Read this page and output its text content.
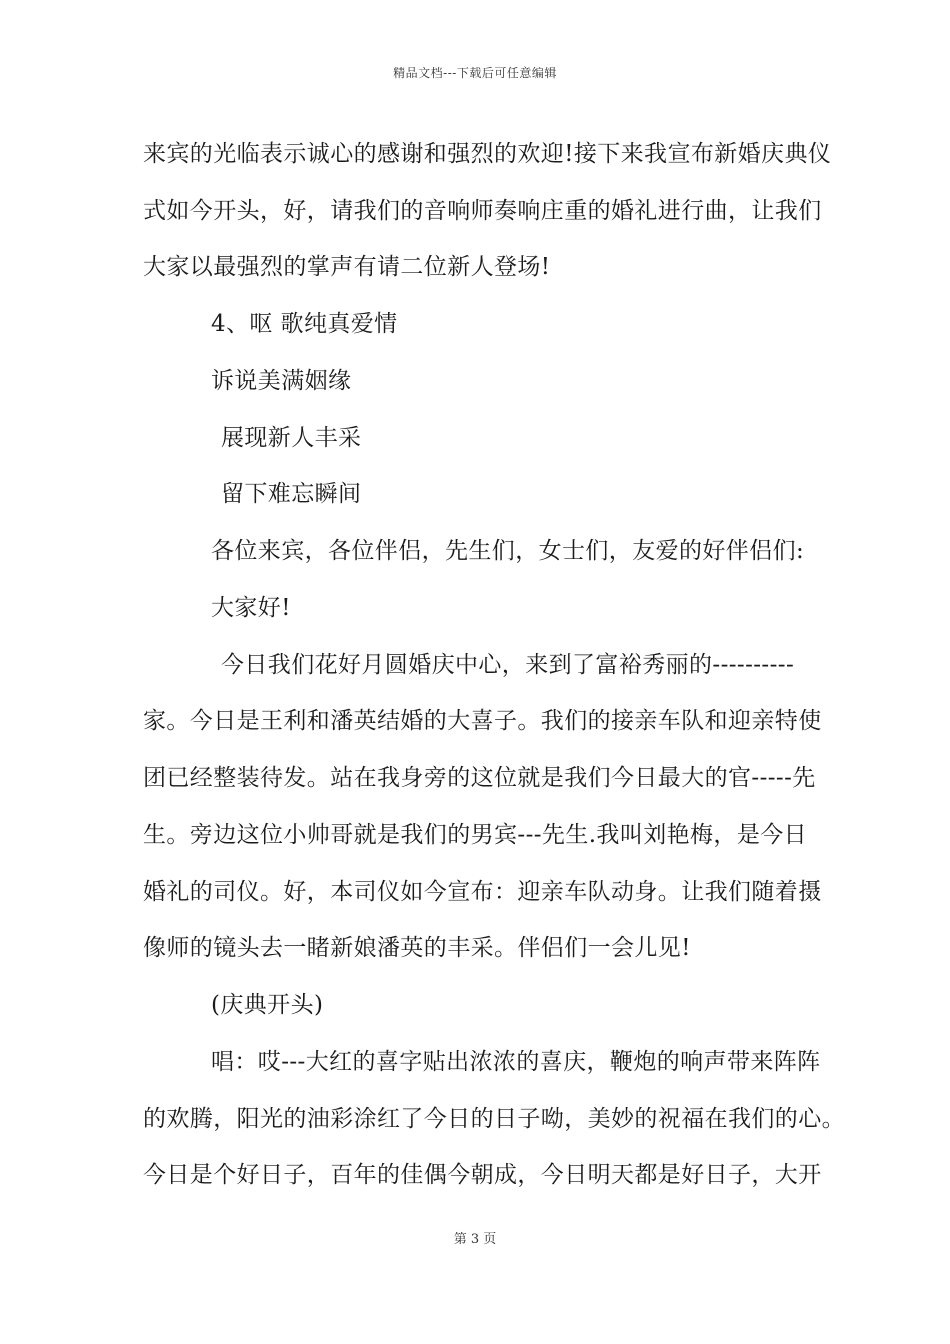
精品文档---下载后可任意编辑
来宾的光临表示诚心的感谢和强烈的欢迎!接下来我宣布新婚庆典仪
式如今开头，好，请我们的音响师奏响庄重的婚礼进行曲，让我们
大家以最强烈的掌声有请二位新人登场!
4、呕 歌纯真爱情
诉说美满姻缘
展现新人丰采
留下难忘瞬间
各位来宾，各位伴侣，先生们，女士们，友爱的好伴侣们:
大家好!
今日我们花好月圆婚庆中心，来到了富裕秀丽的----------
家。今日是王利和潘英结婚的大喜子。我们的接亲车队和迎亲特使
团已经整装待发。站在我身旁的这位就是我们今日最大的官-----先
生。旁边这位小帅哥就是我们的男宾---先生.我叫刘艳梅，是今日
婚礼的司仪。好，本司仪如今宣布：迎亲车队动身。让我们随着摄
像师的镜头去一睹新娘潘英的丰采。伴侣们一会儿见!
(庆典开头)
唱：哎---大红的喜字贴出浓浓的喜庆，鞭炮的响声带来阵阵
的欢腾，阳光的油彩涂红了今日的日子呦，美妙的祝福在我们的心。
今日是个好日子，百年的佳偶今朝成，今日明天都是好日子，大开
第 3 页
